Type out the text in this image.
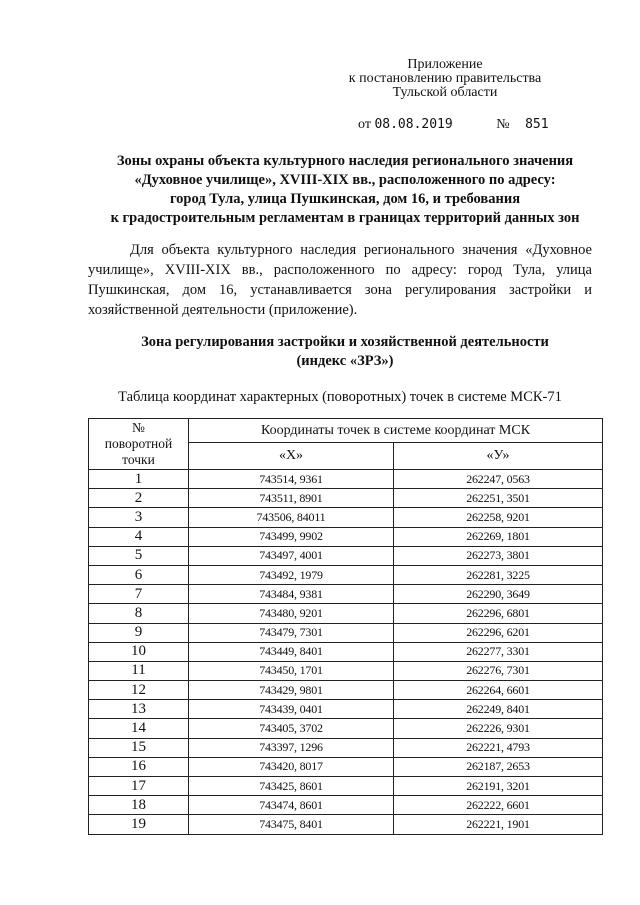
Приложение
к постановлению правительства
Тульской области
от 08.08.2019	№ 851
Зоны охраны объекта культурного наследия регионального значения
«Духовное училище», XVIII-XIX вв., расположенного по адресу:
город Тула, улица Пушкинская, дом 16, и требования
к градостроительным регламентам в границах территорий данных зон
Для объекта культурного наследия регионального значения «Духовное училище», XVIII-XIX вв., расположенного по адресу: город Тула, улица Пушкинская, дом 16, устанавливается зона регулирования застройки и хозяйственной деятельности (приложение).
Зона регулирования застройки и хозяйственной деятельности
(индекс «ЗРЗ»)
Таблица координат характерных (поворотных) точек в системе МСК-71
№
поворотной
точки	Координаты точек в системе координат МСК	
	«Х»	«У»
1	743514, 9361	262247, 0563
2	743511, 8901	262251, 3501
3	743506, 84011	262258, 9201
4	743499, 9902	262269, 1801
5	743497, 4001	262273, 3801
6	743492, 1979	262281, 3225
7	743484, 9381	262290, 3649
8	743480, 9201	262296, 6801
9	743479, 7301	262296, 6201
10	743449, 8401	262277, 3301
11	743450, 1701	262276, 7301
12	743429, 9801	262264, 6601
13	743439, 0401	262249, 8401
14	743405, 3702	262226, 9301
15	743397, 1296	262221, 4793
16	743420, 8017	262187, 2653
17	743425, 8601	262191, 3201
18	743474, 8601	262222, 6601
19	743475, 8401	262221, 1901
